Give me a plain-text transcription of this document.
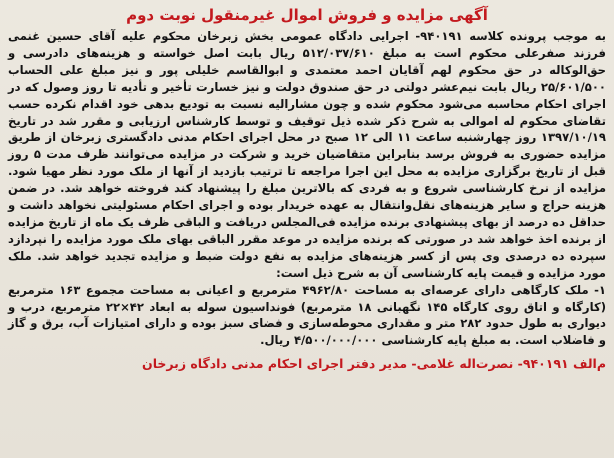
آگهی مزایده و فروش اموال غیرمنقول نوبت دوم

به موجب پرونده کلاسه ۹۴۰۱۹۱- اجرایی دادگاه عمومی بخش زبرخان محکوم علیه آقای حسین غنمی فرزند صفرعلی محکوم است به مبلغ ۵۱۲/۰۳۷/۶۱۰ ریال بابت اصل خواسته و هزینه‌های دادرسی و حق‌الوکاله در حق محکوم لهم آقایان احمد معتمدی و ابوالقاسم خلیلی پور و نیز مبلغ علی الحساب ۲۵/۶۰۱/۵۰۰ ریال بابت نیم‌عشر دولتی در حق صندوق دولت و نیز خسارت تأخیر و تأدیه تا روز وصول که در اجرای احکام محاسبه می‌شود محکوم شده و چون مشارالیه نسبت به تودیع بدهی خود اقدام نکرده حسب تقاضای محکوم له اموالی به شرح ذکر شده ذیل توقیف و توسط کارشناس ارزیابی و مقرر شد در تاریخ ۱۳۹۷/۱۰/۱۹ روز چهارشنبه ساعت ۱۱ الی ۱۲ صبح در محل اجرای احکام مدنی دادگستری زبرخان از طریق مزایده حضوری به فروش برسد بنابراین متقاضیان خرید و شرکت در مزایده می‌توانند ظرف مدت ۵ روز قبل از تاریخ برگزاری مزایده به محل این اجرا مراجعه تا ترتیب بازدید از آنها از ملک مورد نظر مهیا شود. مزایده از نرخ کارشناسی شروع و به فردی که بالاترین مبلغ را پیشنهاد کند فروخته خواهد شد. در ضمن هزینه حراج و سایر هزینه‌های نقل‌وانتقال به عهده خریدار بوده و اجرای احکام مسئولیتی نخواهد داشت و حداقل ده درصد از بهای پیشنهادی برنده مزایده فی‌المجلس دریافت و الباقی ظرف یک ماه از تاریخ مزایده از برنده اخذ خواهد شد در صورتی که برنده مزایده در موعد مقرر الباقی بهای ملک مورد مزایده را نپردازد سپرده ده درصدی وی پس از کسر هزینه‌های مزایده به نفع دولت ضبط و مزایده تجدید خواهد شد. ملک مورد مزایده و قیمت پایه کارشناسی آن به شرح ذیل است:

۱- ملک کارگاهی دارای عرصه‌ای به مساحت ۴۹۶۲/۸۰ مترمربع و اعیانی به مساحت مجموع ۱۶۳ مترمربع (کارگاه و اتاق روی کارگاه ۱۴۵ نگهبانی ۱۸ مترمربع) فونداسیون سوله به ابعاد ۴۲×۲۲ مترمربع، درب و دیواری به طول حدود ۲۸۲ متر و مقداری محوطه‌سازی و فضای سبز بوده و دارای امتیازات آب، برق و گاز و فاضلاب است. به مبلغ پایه کارشناسی ۴/۵۰۰/۰۰۰/۰۰۰ ریال.

م‌الف ۹۴۰۱۹۱- نصرت‌اله غلامی- مدیر دفتر اجرای احکام مدنی دادگاه زبرخان
